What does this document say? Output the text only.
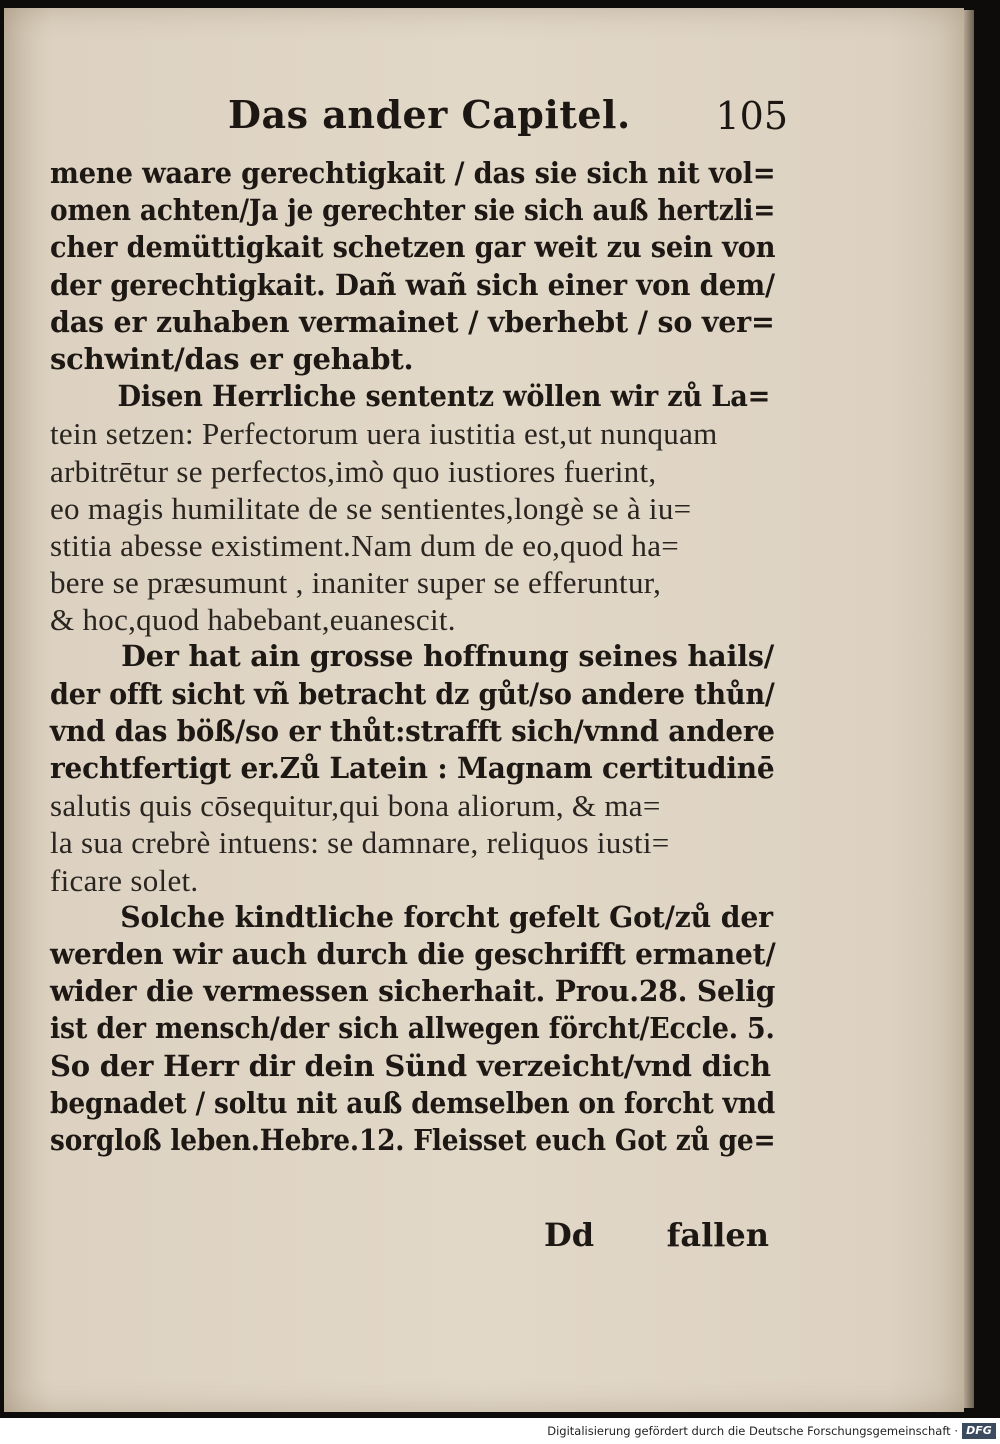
Das ander Capitel. 105
mene waare gerechtigkait / das sie sich nit vol=
omen achten/Ja je gerechter sie sich auß hertzli=
cher demüttigkait schetzen gar weit zu sein von
der gerechtigkait. Dañ wañ sich einer von dem/
das er zuhaben vermainet / vberhebt / so ver=
schwint/das er gehabt.
Disen Herrliche sententz wöllen wir zů La=
tein setzen: Perfectorum uera iustitia est,ut nunquam
arbitrētur se perfectos,imò quo iustiores fuerint,
eo magis humilitate de se sentientes,longè se à iu=
stitia abesse existiment.Nam dum de eo,quod ha=
bere se præsumunt , inaniter super se efferuntur,
& hoc,quod habebant,euanescit.
Der hat ain grosse hoffnung seines hails/
der offt sicht vñ betracht dz gůt/so andere thůn/
vnd das böß/so er thůt:strafft sich/vnnd andere
rechtfertigt er.Zů Latein : Magnam certitudinē
salutis quis cōsequitur,qui bona aliorum, & ma=
la sua crebrè intuens: se damnare, reliquos iusti=
ficare solet.
Solche kindtliche forcht gefelt Got/zů der
werden wir auch durch die geschrifft ermanet/
wider die vermessen sicherhait. Prou.28. Selig
ist der mensch/der sich allwegen förcht/Eccle. 5.
So der Herr dir dein Sünd verzeicht/vnd dich
begnadet / soltu nit auß demselben on forcht vnd
sorgloß leben.Hebre.12. Fleisset euch Got zů ge=
Dd fallen
Digitalisierung gefördert durch die Deutsche Forschungsgemeinschaft · DFG
